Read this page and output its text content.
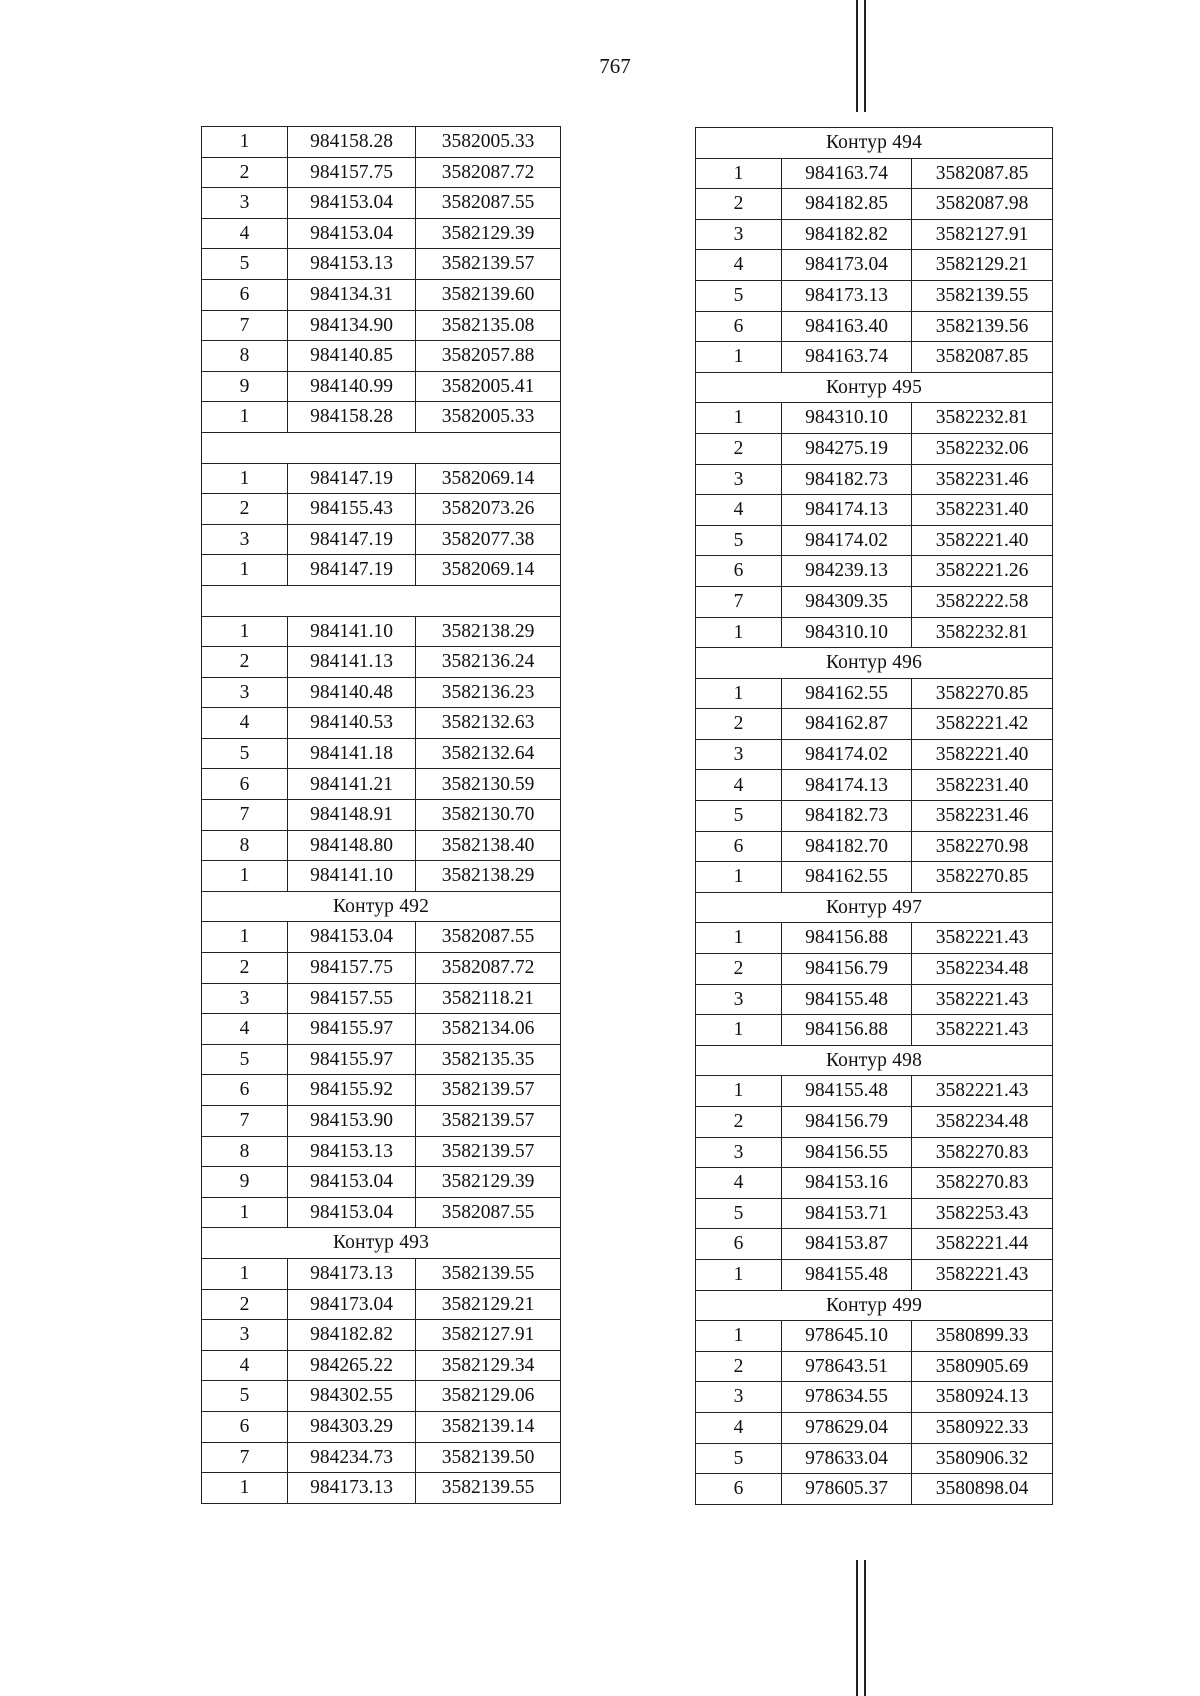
767
1	984158.28	3582005.33
2	984157.75	3582087.72
3	984153.04	3582087.55
4	984153.04	3582129.39
5	984153.13	3582139.57
6	984134.31	3582139.60
7	984134.90	3582135.08
8	984140.85	3582057.88
9	984140.99	3582005.41
1	984158.28	3582005.33

1	984147.19	3582069.14
2	984155.43	3582073.26
3	984147.19	3582077.38
1	984147.19	3582069.14

1	984141.10	3582138.29
2	984141.13	3582136.24
3	984140.48	3582136.23
4	984140.53	3582132.63
5	984141.18	3582132.64
6	984141.21	3582130.59
7	984148.91	3582130.70
8	984148.80	3582138.40
1	984141.10	3582138.29
Контур 492		
1	984153.04	3582087.55
2	984157.75	3582087.72
3	984157.55	3582118.21
4	984155.97	3582134.06
5	984155.97	3582135.35
6	984155.92	3582139.57
7	984153.90	3582139.57
8	984153.13	3582139.57
9	984153.04	3582129.39
1	984153.04	3582087.55
Контур 493		
1	984173.13	3582139.55
2	984173.04	3582129.21
3	984182.82	3582127.91
4	984265.22	3582129.34
5	984302.55	3582129.06
6	984303.29	3582139.14
7	984234.73	3582139.50
1	984173.13	3582139.55
Контур 494		
1	984163.74	3582087.85
2	984182.85	3582087.98
3	984182.82	3582127.91
4	984173.04	3582129.21
5	984173.13	3582139.55
6	984163.40	3582139.56
1	984163.74	3582087.85
Контур 495		
1	984310.10	3582232.81
2	984275.19	3582232.06
3	984182.73	3582231.46
4	984174.13	3582231.40
5	984174.02	3582221.40
6	984239.13	3582221.26
7	984309.35	3582222.58
1	984310.10	3582232.81
Контур 496		
1	984162.55	3582270.85
2	984162.87	3582221.42
3	984174.02	3582221.40
4	984174.13	3582231.40
5	984182.73	3582231.46
6	984182.70	3582270.98
1	984162.55	3582270.85
Контур 497		
1	984156.88	3582221.43
2	984156.79	3582234.48
3	984155.48	3582221.43
1	984156.88	3582221.43
Контур 498		
1	984155.48	3582221.43
2	984156.79	3582234.48
3	984156.55	3582270.83
4	984153.16	3582270.83
5	984153.71	3582253.43
6	984153.87	3582221.44
1	984155.48	3582221.43
Контур 499		
1	978645.10	3580899.33
2	978643.51	3580905.69
3	978634.55	3580924.13
4	978629.04	3580922.33
5	978633.04	3580906.32
6	978605.37	3580898.04
